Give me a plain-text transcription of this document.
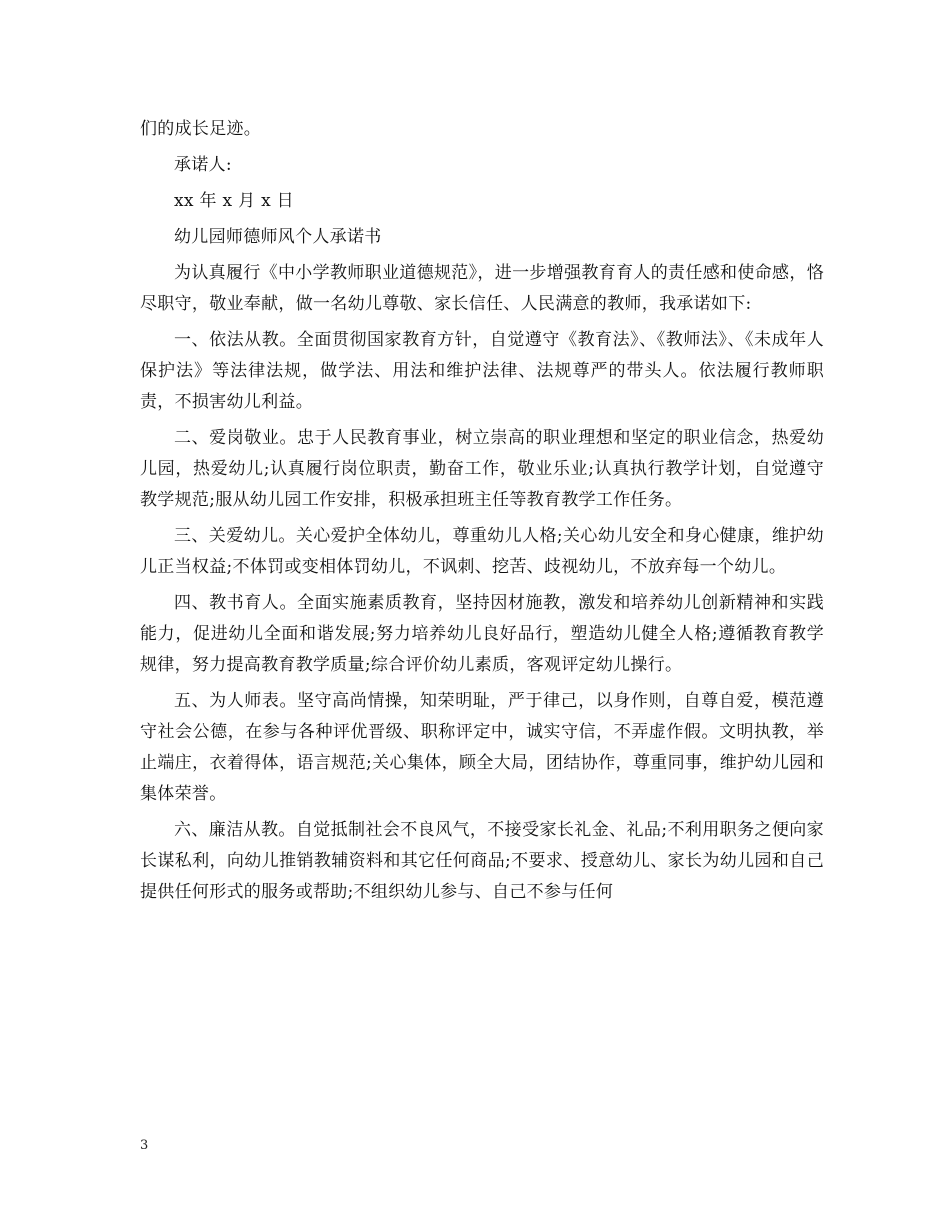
们的成长足迹。

承诺人:

xx 年 x 月 x 日

幼儿园师德师风个人承诺书

为认真履行《中小学教师职业道德规范》，进一步增强教育育人的责任感和使命感，恪尽职守，敬业奉献，做一名幼儿尊敬、家长信任、人民满意的教师，我承诺如下:

一、依法从教。全面贯彻国家教育方针，自觉遵守《教育法》、《教师法》、《未成年人保护法》等法律法规，做学法、用法和维护法律、法规尊严的带头人。依法履行教师职责，不损害幼儿利益。

二、爱岗敬业。忠于人民教育事业，树立崇高的职业理想和坚定的职业信念，热爱幼儿园，热爱幼儿;认真履行岗位职责，勤奋工作，敬业乐业;认真执行教学计划，自觉遵守教学规范;服从幼儿园工作安排，积极承担班主任等教育教学工作任务。

三、关爱幼儿。关心爱护全体幼儿，尊重幼儿人格;关心幼儿安全和身心健康，维护幼儿正当权益;不体罚或变相体罚幼儿，不讽刺、挖苦、歧视幼儿，不放弃每一个幼儿。

四、教书育人。全面实施素质教育，坚持因材施教，激发和培养幼儿创新精神和实践能力，促进幼儿全面和谐发展;努力培养幼儿良好品行，塑造幼儿健全人格;遵循教育教学规律，努力提高教育教学质量;综合评价幼儿素质，客观评定幼儿操行。

五、为人师表。坚守高尚情操，知荣明耻，严于律己，以身作则，自尊自爱，模范遵守社会公德，在参与各种评优晋级、职称评定中，诚实守信，不弄虚作假。文明执教，举止端庄，衣着得体，语言规范;关心集体，顾全大局，团结协作，尊重同事，维护幼儿园和集体荣誉。

六、廉洁从教。自觉抵制社会不良风气，不接受家长礼金、礼品;不利用职务之便向家长谋私利，向幼儿推销教辅资料和其它任何商品;不要求、授意幼儿、家长为幼儿园和自己提供任何形式的服务或帮助;不组织幼儿参与、自己不参与任何

3
